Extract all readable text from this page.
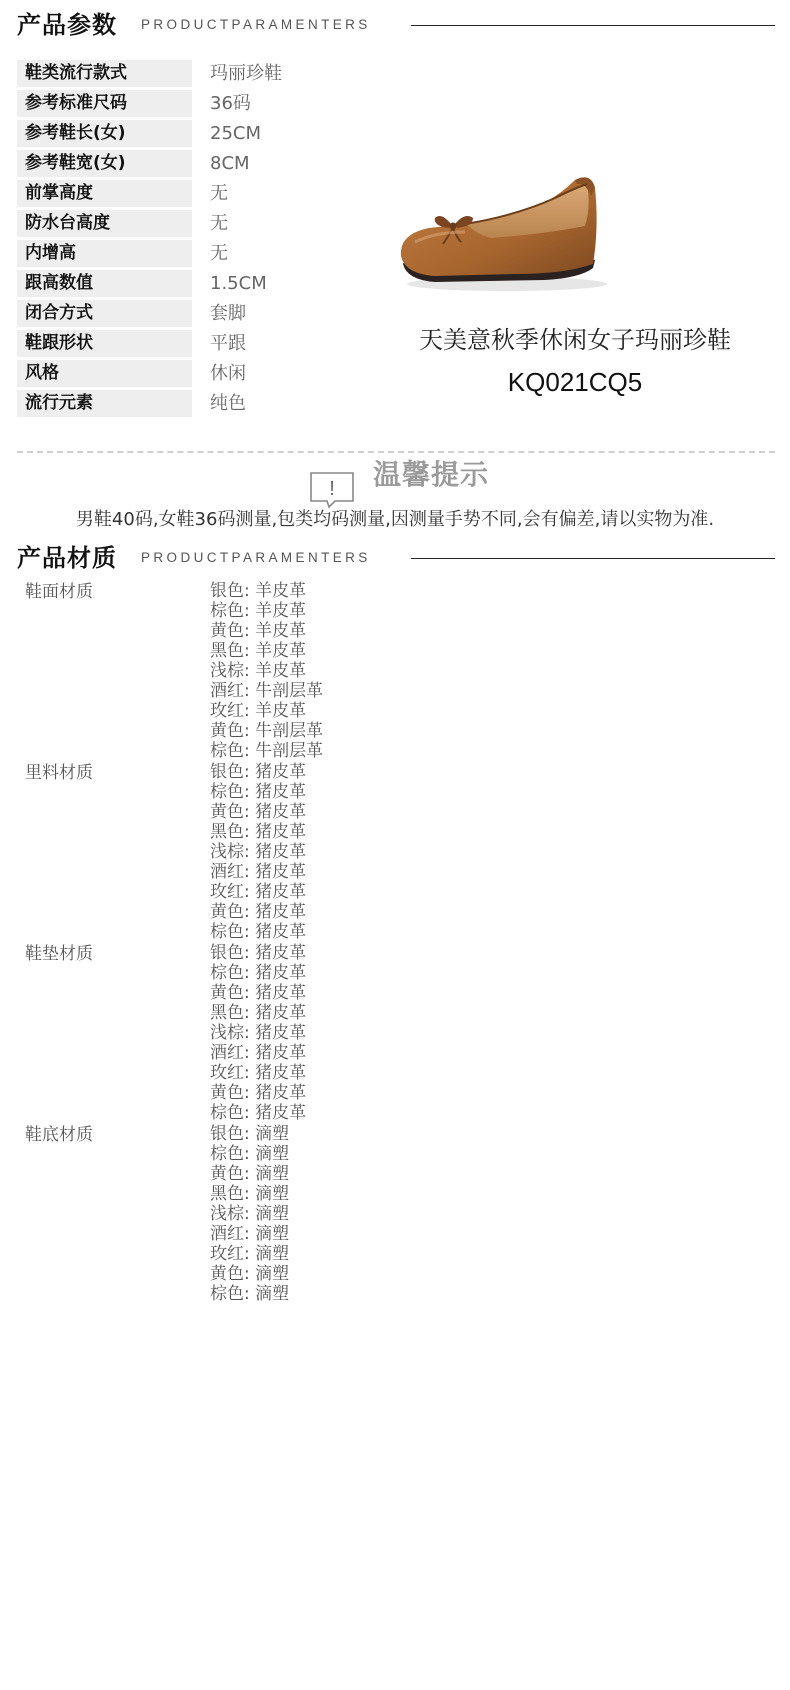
产品参数 PRODUCTPARAMENTERS
鞋类流行款式	玛丽珍鞋
参考标准尺码	36码
参考鞋长(女)	25CM
参考鞋宽(女)	8CM
前掌高度	无
防水台高度	无
内增高	无
跟高数值	1.5CM
闭合方式	套脚
鞋跟形状	平跟
风格	休闲
流行元素	纯色
天美意秋季休闲女子玛丽珍鞋
KQ021CQ5
! 温馨提示
男鞋40码,女鞋36码测量,包类均码测量,因测量手势不同,会有偏差,请以实物为准.
产品材质 PRODUCTPARAMENTERS
鞋面材质	银色: 羊皮革
棕色: 羊皮革
黄色: 羊皮革
黑色: 羊皮革
浅棕: 羊皮革
酒红: 牛剖层革
玫红: 羊皮革
黄色: 牛剖层革
棕色: 牛剖层革
里料材质	银色: 猪皮革
棕色: 猪皮革
黄色: 猪皮革
黑色: 猪皮革
浅棕: 猪皮革
酒红: 猪皮革
玫红: 猪皮革
黄色: 猪皮革
棕色: 猪皮革
鞋垫材质	银色: 猪皮革
棕色: 猪皮革
黄色: 猪皮革
黑色: 猪皮革
浅棕: 猪皮革
酒红: 猪皮革
玫红: 猪皮革
黄色: 猪皮革
棕色: 猪皮革
鞋底材质	银色: 滴塑
棕色: 滴塑
黄色: 滴塑
黑色: 滴塑
浅棕: 滴塑
酒红: 滴塑
玫红: 滴塑
黄色: 滴塑
棕色: 滴塑
